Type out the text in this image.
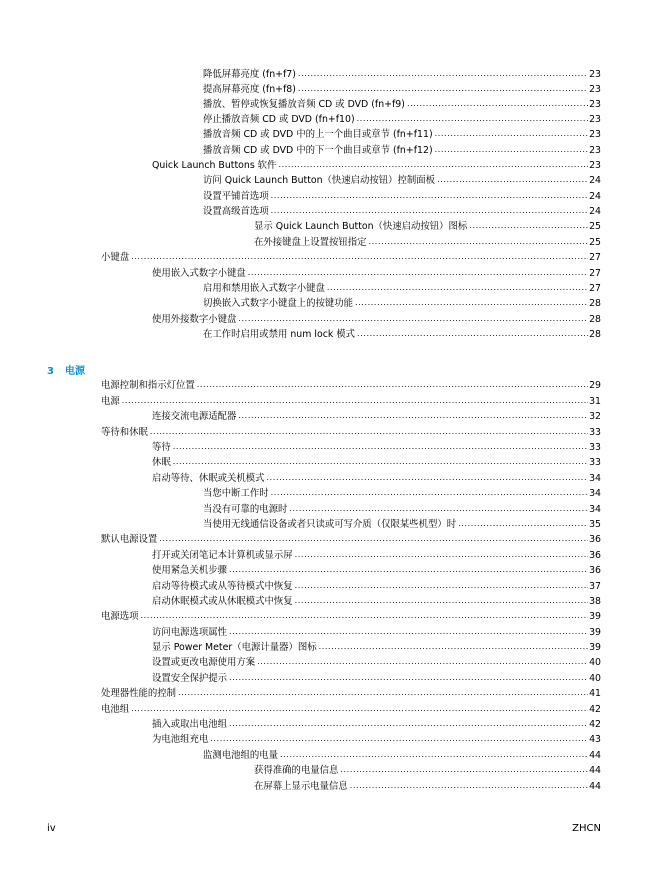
降低屏幕亮度 (fn+f7) .....	23
提高屏幕亮度 (fn+f8) .....	23
播放、暂停或恢复播放音频 CD 或 DVD (fn+f9) .....	23
停止播放音频 CD 或 DVD (fn+f10) .....	23
播放音频 CD 或 DVD 中的上一个曲目或章节 (fn+f11) .....	23
播放音频 CD 或 DVD 中的下一个曲目或章节 (fn+f12) .....	23
Quick Launch Buttons 软件 .....	23
访问 Quick Launch Button（快速启动按钮）控制面板 .....	24
设置平铺首选项 .....	24
设置高级首选项 .....	24
显示 Quick Launch Button（快速启动按钮）图标 .....	25
在外接键盘上设置按钮指定 .....	25
小键盘 .....	27
使用嵌入式数字小键盘 .....	27
启用和禁用嵌入式数字小键盘 .....	27
切换嵌入式数字小键盘上的按键功能 .....	28
使用外接数字小键盘 .....	28
在工作时启用或禁用 num lock 模式 .....	28
3 电源
电源控制和指示灯位置 .....	29
电源 .....	31
连接交流电源适配器 .....	32
等待和休眠 .....	33
等待 .....	33
休眠 .....	33
启动等待、休眠或关机模式 .....	34
当您中断工作时 .....	34
当没有可靠的电源时 .....	34
当使用无线通信设备或者只读或可写介质（仅限某些机型）时 .....	35
默认电源设置 .....	36
打开或关闭笔记本计算机或显示屏 .....	36
使用紧急关机步骤 .....	36
启动等待模式或从等待模式中恢复 .....	37
启动休眠模式或从休眠模式中恢复 .....	38
电源选项 .....	39
访问电源选项属性 .....	39
显示 Power Meter（电源计量器）图标 .....	39
设置或更改电源使用方案 .....	40
设置安全保护提示 .....	40
处理器性能的控制 .....	41
电池组 .....	42
插入或取出电池组 .....	42
为电池组充电 .....	43
监测电池组的电量 .....	44
获得准确的电量信息 .....	44
在屏幕上显示电量信息 .....	44
iv	ZHCN
